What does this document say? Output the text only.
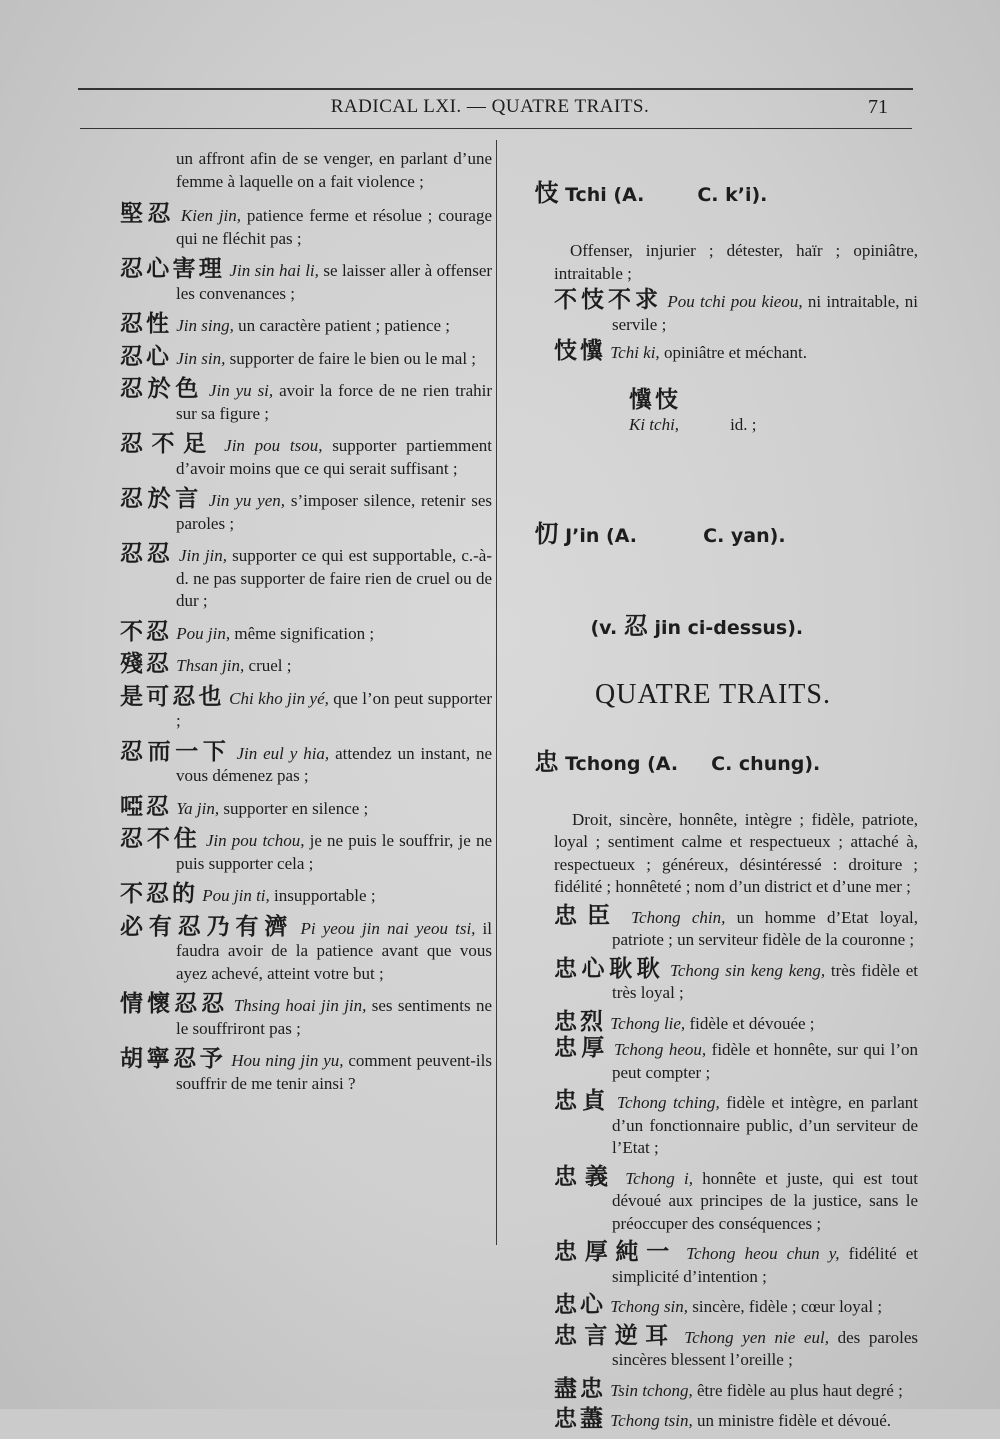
RADICAL LXI. — QUATRE TRAITS.	71
un affront afin de se venger, en parlant d’une femme à laquelle on a fait violence ;
堅忍 Kien jin, patience ferme et résolue ; courage qui ne fléchit pas ;
忍心害理 Jin sin hai li, se laisser aller à offenser les convenances ;
忍性 Jin sing, un caractère patient ; patience ;
忍心 Jin sin, supporter de faire le bien ou le mal ;
忍於色 Jin yu si, avoir la force de ne rien trahir sur sa figure ;
忍不足 Jin pou tsou, supporter partiemment d’avoir moins que ce qui serait suffisant ;
忍於言 Jin yu yen, s’imposer silence, retenir ses paroles ;
忍忍 Jin jin, supporter ce qui est supportable, c.-à-d. ne pas supporter de faire rien de cruel ou de dur ;
不忍 Pou jin, même signification ;
殘忍 Thsan jin, cruel ;
是可忍也 Chi kho jin yé, que l’on peut supporter ;
忍而一下 Jin eul y hia, attendez un instant, ne vous démenez pas ;
啞忍 Ya jin, supporter en silence ;
忍不住 Jin pou tchou, je ne puis le souffrir, je ne puis supporter cela ;
不忍的 Pou jin ti, insupportable ;
必有忍乃有濟 Pi yeou jin nai yeou tsi, il faudra avoir de la patience avant que vous ayez achevé, atteint votre but ;
情懷忍忍 Thsing hoai jin jin, ses sentiments ne le souffriront pas ;
胡寧忍予 Hou ning jin yu, comment peuvent-ils souffrir de me tenir ainsi ?

忮 Tchi (A.        C. k’i).

Offenser, injurier ; détester, haïr ; opiniâtre, intraitable ;
不忮不求 Pou tchi pou kieou, ni intraitable, ni servile ;
忮懻 Tchi ki, opiniâtre et méchant.

懻忮
Ki tchi,            id. ;

忉 J’in (A.          C. yan).

(v. 忍 jin ci-dessus).

QUATRE TRAITS.

忠 Tchong (A.     C. chung).

Droit, sincère, honnête, intègre ; fidèle, patriote, loyal ; sentiment calme et respectueux ; attaché à, respectueux ; généreux, désintéressé : droiture ; fidélité ; honnêteté ; nom d’un district et d’une mer ;
忠臣 Tchong chin, un homme d’Etat loyal, patriote ; un serviteur fidèle de la couronne ;
忠心耿耿 Tchong sin keng keng, très fidèle et très loyal ;
忠烈 Tchong lie, fidèle et dévouée ;
忠厚 Tchong heou, fidèle et honnête, sur qui l’on peut compter ;
忠貞 Tchong tching, fidèle et intègre, en parlant d’un fonctionnaire public, d’un serviteur de l’Etat ;
忠義 Tchong i, honnête et juste, qui est tout dévoué aux principes de la justice, sans le préoccuper des conséquences ;
忠厚純一 Tchong heou chun y, fidélité et simplicité d’intention ;
忠心 Tchong sin, sincère, fidèle ; cœur loyal ;
忠言逆耳 Tchong yen nie eul, des paroles sincères blessent l’oreille ;
盡忠 Tsin tchong, être fidèle au plus haut degré ;
忠藎 Tchong tsin, un ministre fidèle et dévoué.
